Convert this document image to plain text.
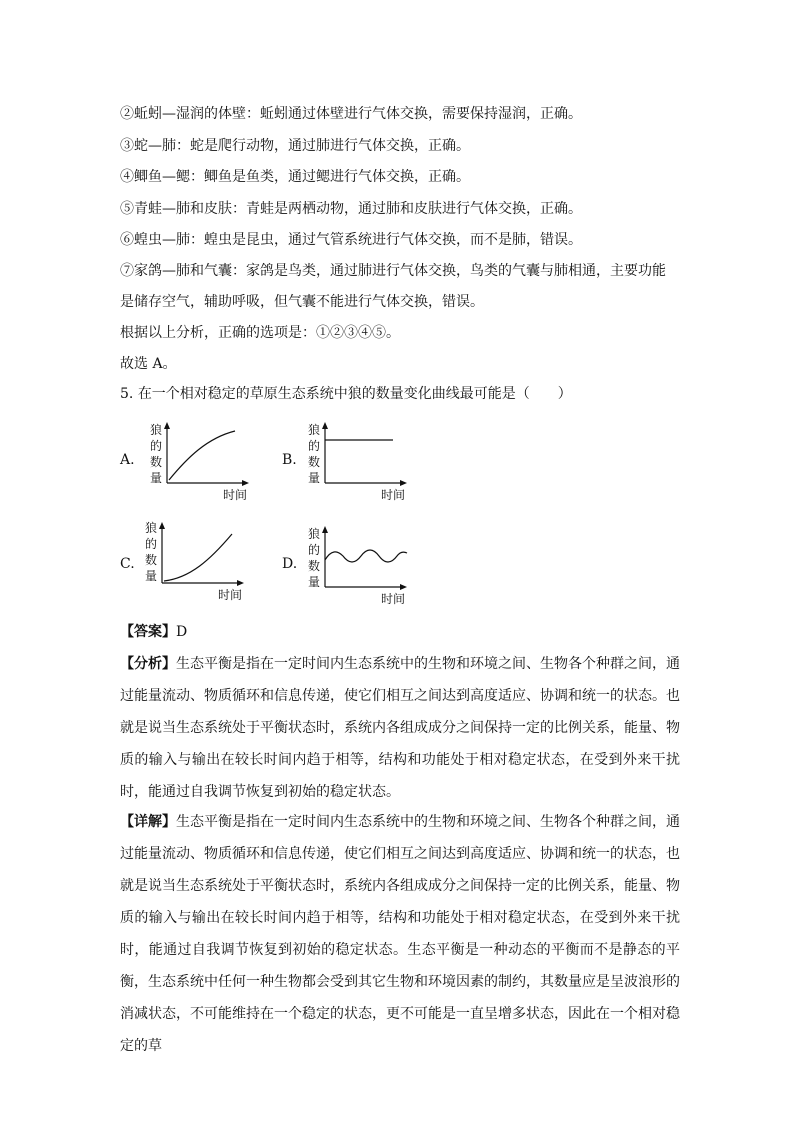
②蚯蚓—湿润的体壁：蚯蚓通过体壁进行气体交换，需要保持湿润，正确。
③蛇—肺：蛇是爬行动物，通过肺进行气体交换，正确。
④鲫鱼—鳃：鲫鱼是鱼类，通过鳃进行气体交换，正确。
⑤青蛙—肺和皮肤：青蛙是两栖动物，通过肺和皮肤进行气体交换，正确。
⑥蝗虫—肺：蝗虫是昆虫，通过气管系统进行气体交换，而不是肺，错误。
⑦家鸽—肺和气囊：家鸽是鸟类，通过肺进行气体交换，鸟类的气囊与肺相通，主要功能
是储存空气，辅助呼吸，但气囊不能进行气体交换，错误。
根据以上分析，正确的选项是：①②③④⑤。
故选 A。
5. 在一个相对稳定的草原生态系统中狼的数量变化曲线最可能是（　　）
A.
狼
的
数
量
时间
B.
狼
的
数
量
时间
C.
狼
的
数
量
时间
D.
狼
的
数
量
时间
【答案】D
【分析】生态平衡是指在一定时间内生态系统中的生物和环境之间、生物各个种群之间，通过能量流动、物质循环和信息传递，使它们相互之间达到高度适应、协调和统一的状态。也就是说当生态系统处于平衡状态时，系统内各组成成分之间保持一定的比例关系，能量、物质的输入与输出在较长时间内趋于相等，结构和功能处于相对稳定状态，在受到外来干扰时，能通过自我调节恢复到初始的稳定状态。
【详解】生态平衡是指在一定时间内生态系统中的生物和环境之间、生物各个种群之间，通过能量流动、物质循环和信息传递，使它们相互之间达到高度适应、协调和统一的状态，也就是说当生态系统处于平衡状态时，系统内各组成成分之间保持一定的比例关系，能量、物质的输入与输出在较长时间内趋于相等，结构和功能处于相对稳定状态，在受到外来干扰时，能通过自我调节恢复到初始的稳定状态。生态平衡是一种动态的平衡而不是静态的平衡，生态系统中任何一种生物都会受到其它生物和环境因素的制约，其数量应是呈波浪形的消减状态，不可能维持在一个稳定的状态，更不可能是一直呈增多状态，因此在一个相对稳定的草
